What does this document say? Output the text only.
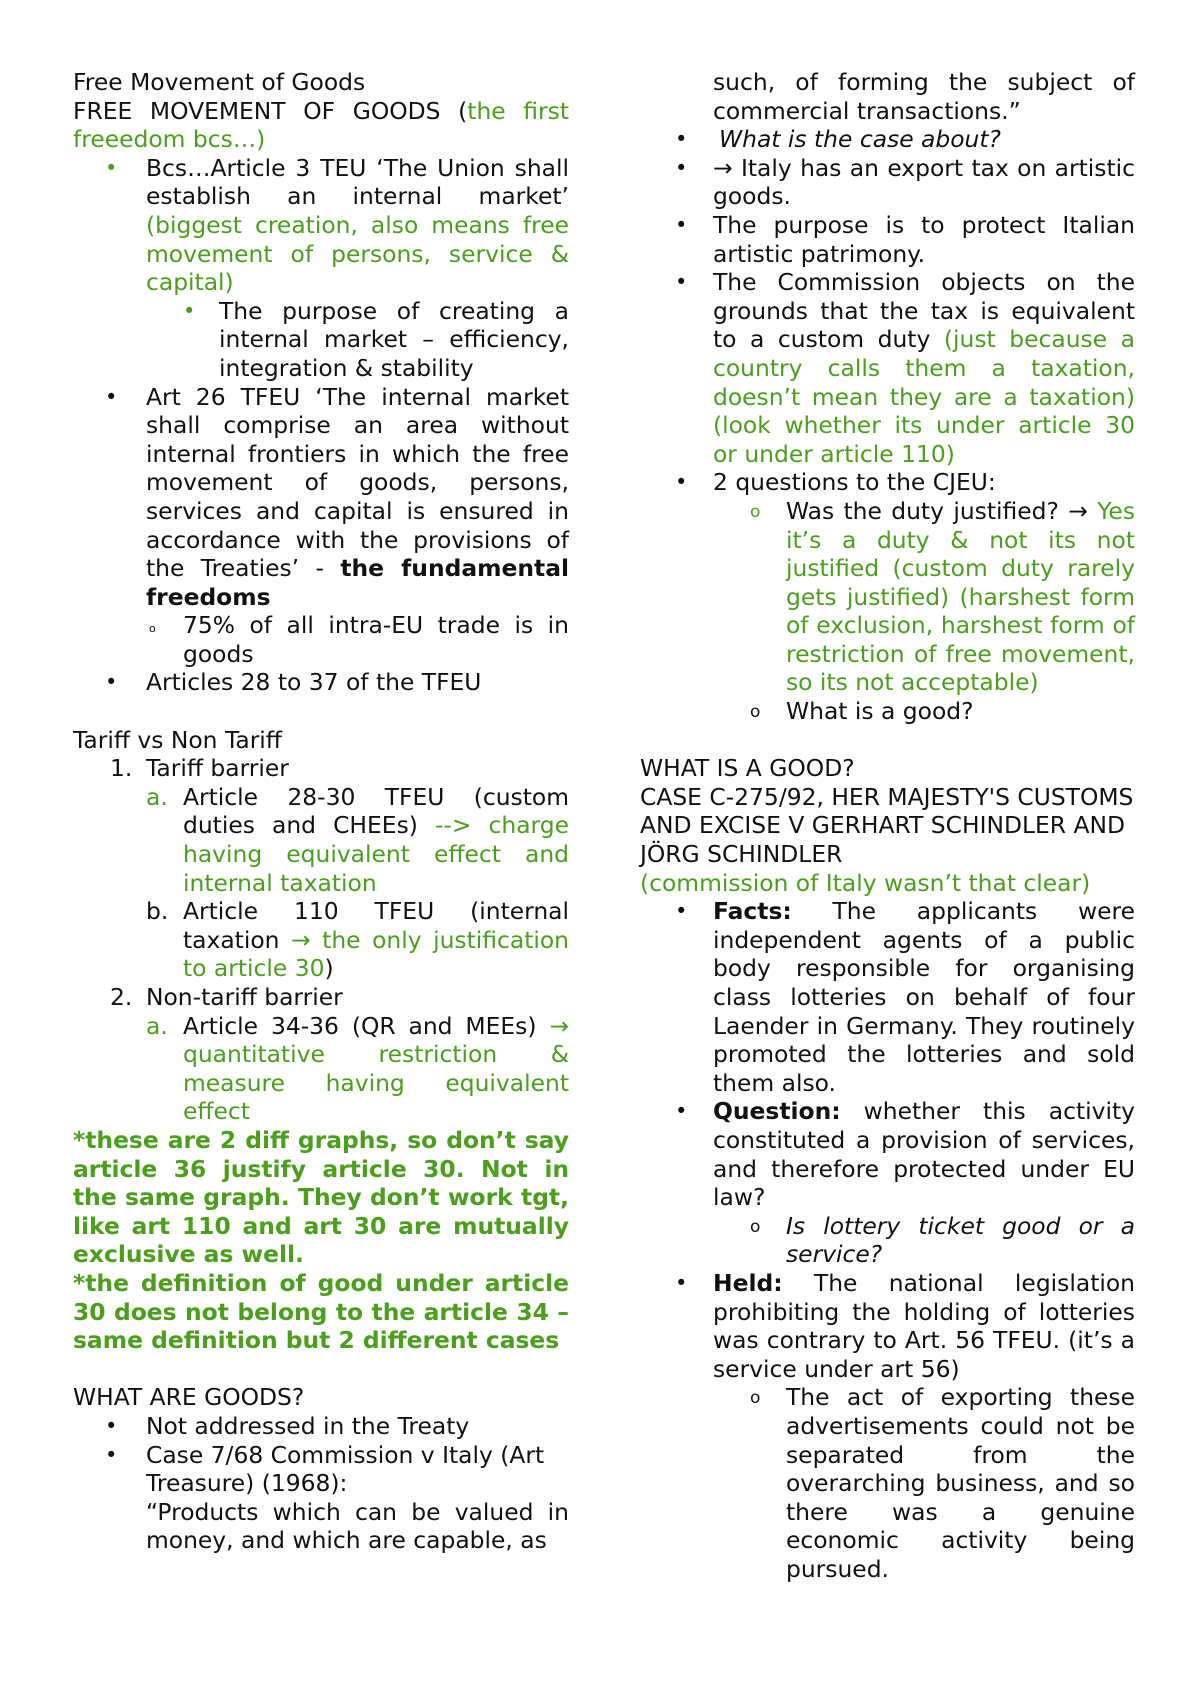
Free Movement of Goods

FREE MOVEMENT OF GOODS (the first freeedom bcs…)

• Bcs…Article 3 TEU ‘The Union shall establish an internal market’ (biggest creation, also means free movement of persons, service & capital)
• The purpose of creating a internal market – efficiency, integration & stability
• Art 26 TFEU ‘The internal market shall comprise an area without internal frontiers in which the free movement of goods, persons, services and capital is ensured in accordance with the provisions of the Treaties’ - the fundamental freedoms
o 75% of all intra-EU trade is in goods
• Articles 28 to 37 of the TFEU

Tariff vs Non Tariff

1. Tariff barrier
a. Article 28-30 TFEU (custom duties and CHEEs) --> charge having equivalent effect and internal taxation
b. Article 110 TFEU (internal taxation → the only justification to article 30)
2. Non-tariff barrier
a. Article 34-36 (QR and MEEs) → quantitative restriction & measure having equivalent effect

*these are 2 diff graphs, so don’t say article 36 justify article 30. Not in the same graph. They don’t work tgt, like art 110 and art 30 are mutually exclusive as well.

*the definition of good under article 30 does not belong to the article 34 – same definition but 2 different cases

WHAT ARE GOODS?

• Not addressed in the Treaty
• Case 7/68 Commission v Italy (Art Treasure) (1968):
“Products which can be valued in money, and which are capable, as

such, of forming the subject of commercial transactions.”

• What is the case about?
• → Italy has an export tax on artistic goods.
• The purpose is to protect Italian artistic patrimony.
• The Commission objects on the grounds that the tax is equivalent to a custom duty (just because a country calls them a taxation, doesn’t mean they are a taxation) (look whether its under article 30 or under article 110)
• 2 questions to the CJEU:
o Was the duty justified? → Yes it’s a duty & not its not justified (custom duty rarely gets justified) (harshest form of exclusion, harshest form of restriction of free movement, so its not acceptable)
o What is a good?

WHAT IS A GOOD?

CASE C-275/92, HER MAJESTY'S CUSTOMS AND EXCISE V GERHART SCHINDLER AND JÖRG SCHINDLER

(commission of Italy wasn’t that clear)

• Facts: The applicants were independent agents of a public body responsible for organising class lotteries on behalf of four Laender in Germany. They routinely promoted the lotteries and sold them also.
• Question: whether this activity constituted a provision of services, and therefore protected under EU law?
o Is lottery ticket good or a service?
• Held: The national legislation prohibiting the holding of lotteries was contrary to Art. 56 TFEU. (it’s a service under art 56)
o The act of exporting these advertisements could not be separated from the overarching business, and so there was a genuine economic activity being pursued.
